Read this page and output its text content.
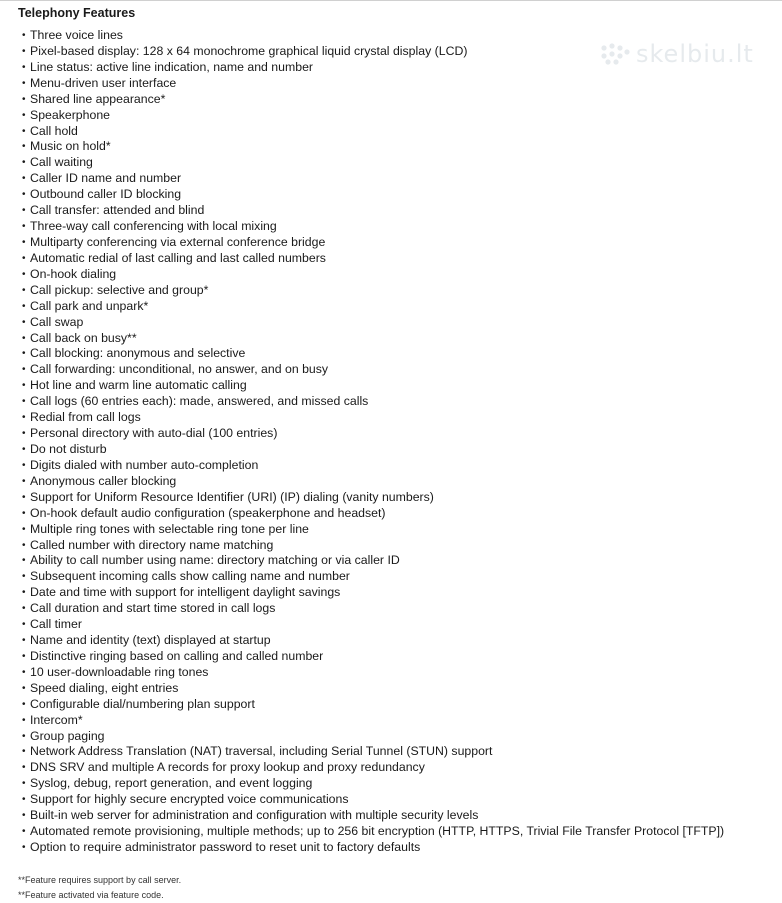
Telephony Features
• Three voice lines
• Pixel-based display: 128 x 64 monochrome graphical liquid crystal display (LCD)
• Line status: active line indication, name and number
• Menu-driven user interface
• Shared line appearance*
• Speakerphone
• Call hold
• Music on hold*
• Call waiting
• Caller ID name and number
• Outbound caller ID blocking
• Call transfer: attended and blind
• Three-way call conferencing with local mixing
• Multiparty conferencing via external conference bridge
• Automatic redial of last calling and last called numbers
• On-hook dialing
• Call pickup: selective and group*
• Call park and unpark*
• Call swap
• Call back on busy**
• Call blocking: anonymous and selective
• Call forwarding: unconditional, no answer, and on busy
• Hot line and warm line automatic calling
• Call logs (60 entries each): made, answered, and missed calls
• Redial from call logs
• Personal directory with auto-dial (100 entries)
• Do not disturb
• Digits dialed with number auto-completion
• Anonymous caller blocking
• Support for Uniform Resource Identifier (URI) (IP) dialing (vanity numbers)
• On-hook default audio configuration (speakerphone and headset)
• Multiple ring tones with selectable ring tone per line
• Called number with directory name matching
• Ability to call number using name: directory matching or via caller ID
• Subsequent incoming calls show calling name and number
• Date and time with support for intelligent daylight savings
• Call duration and start time stored in call logs
• Call timer
• Name and identity (text) displayed at startup
• Distinctive ringing based on calling and called number
• 10 user-downloadable ring tones
• Speed dialing, eight entries
• Configurable dial/numbering plan support
• Intercom*
• Group paging
• Network Address Translation (NAT) traversal, including Serial Tunnel (STUN) support
• DNS SRV and multiple A records for proxy lookup and proxy redundancy
• Syslog, debug, report generation, and event logging
• Support for highly secure encrypted voice communications
• Built-in web server for administration and configuration with multiple security levels
• Automated remote provisioning, multiple methods; up to 256 bit encryption (HTTP, HTTPS, Trivial File Transfer Protocol [TFTP])
• Option to require administrator password to reset unit to factory defaults
**Feature requires support by call server.
**Feature activated via feature code.
skelbiu.lt
